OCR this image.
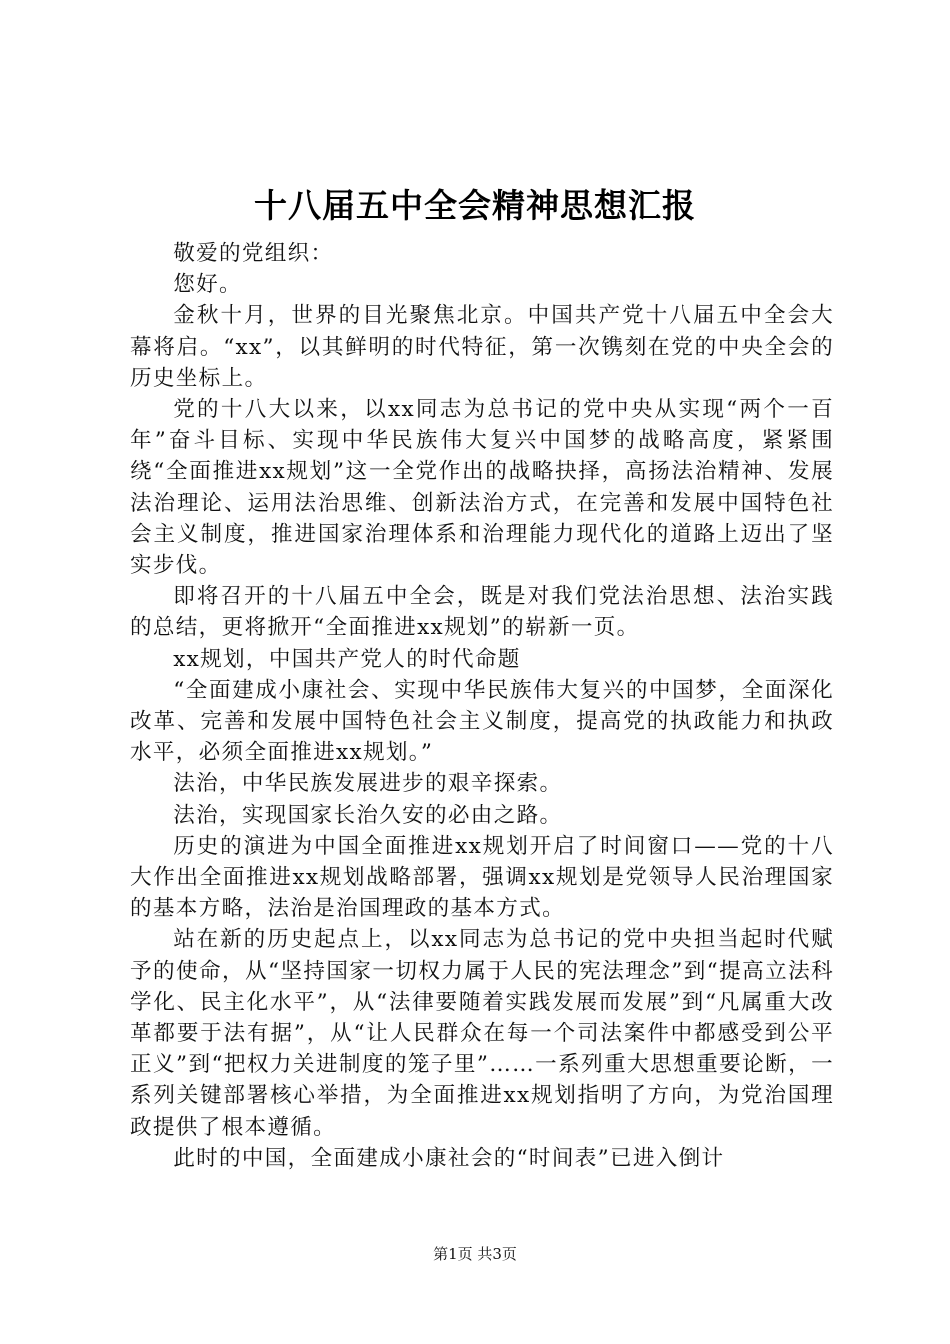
十八届五中全会精神思想汇报

敬爱的党组织：

您好。

金秋十月，世界的目光聚焦北京。中国共产党十八届五中全会大幕将启。“xx”，以其鲜明的时代特征，第一次镌刻在党的中央全会的历史坐标上。

党的十八大以来，以xx同志为总书记的党中央从实现“两个一百年”奋斗目标、实现中华民族伟大复兴中国梦的战略高度，紧紧围绕“全面推进xx规划”这一全党作出的战略抉择，高扬法治精神、发展法治理论、运用法治思维、创新法治方式，在完善和发展中国特色社会主义制度，推进国家治理体系和治理能力现代化的道路上迈出了坚实步伐。

即将召开的十八届五中全会，既是对我们党法治思想、法治实践的总结，更将掀开“全面推进xx规划”的崭新一页。

xx规划，中国共产党人的时代命题

“全面建成小康社会、实现中华民族伟大复兴的中国梦，全面深化改革、完善和发展中国特色社会主义制度，提高党的执政能力和执政水平，必须全面推进xx规划。”

法治，中华民族发展进步的艰辛探索。

法治，实现国家长治久安的必由之路。

历史的演进为中国全面推进xx规划开启了时间窗口——党的十八大作出全面推进xx规划战略部署，强调xx规划是党领导人民治理国家的基本方略，法治是治国理政的基本方式。

站在新的历史起点上，以xx同志为总书记的党中央担当起时代赋予的使命，从“坚持国家一切权力属于人民的宪法理念”到“提高立法科学化、民主化水平”，从“法律要随着实践发展而发展”到“凡属重大改革都要于法有据”，从“让人民群众在每一个司法案件中都感受到公平正义”到“把权力关进制度的笼子里”……一系列重大思想重要论断，一系列关键部署核心举措，为全面推进xx规划指明了方向，为党治国理政提供了根本遵循。

此时的中国，全面建成小康社会的“时间表”已进入倒计

第1页 共3页
